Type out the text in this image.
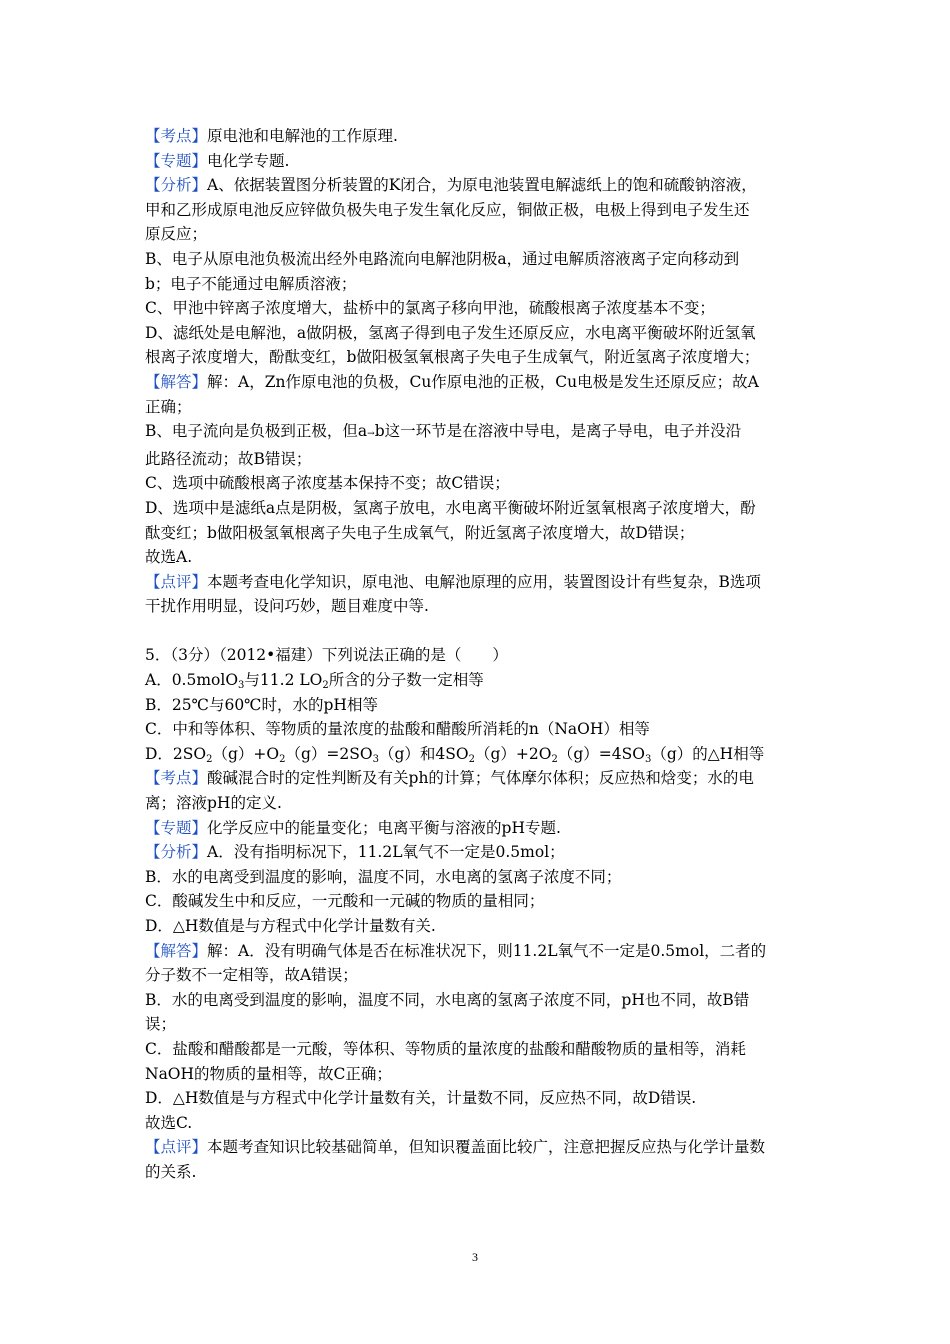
【考点】原电池和电解池的工作原理.

【专题】电化学专题.

【分析】A、依据装置图分析装置的K闭合，为原电池装置电解滤纸上的饱和硫酸钠溶液，

甲和乙形成原电池反应锌做负极失电子发生氧化反应，铜做正极，电极上得到电子发生还

原反应；

B、电子从原电池负极流出经外电路流向电解池阴极a，通过电解质溶液离子定向移动到

b；电子不能通过电解质溶液；

C、甲池中锌离子浓度增大，盐桥中的氯离子移向甲池，硫酸根离子浓度基本不变；

D、滤纸处是电解池，a做阴极，氢离子得到电子发生还原反应，水电离平衡破坏附近氢氧

根离子浓度增大，酚酞变红，b做阳极氢氧根离子失电子生成氧气，附近氢离子浓度增大；

【解答】解：A，Zn作原电池的负极，Cu作原电池的正极，Cu电极是发生还原反应；故A

正确；

B、电子流向是负极到正极，但a→b这一环节是在溶液中导电，是离子导电，电子并没沿

此路径流动；故B错误；

C、选项中硫酸根离子浓度基本保持不变；故C错误；

D、选项中是滤纸a点是阴极，氢离子放电，水电离平衡破坏附近氢氧根离子浓度增大，酚

酞变红；b做阳极氢氧根离子失电子生成氧气，附近氢离子浓度增大，故D错误；

故选A.

【点评】本题考查电化学知识，原电池、电解池原理的应用，装置图设计有些复杂，B选项

干扰作用明显，设问巧妙，题目难度中等.

5．（3分）（2012•福建）下列说法正确的是（　　）

A．0.5molO$_3$与11.2 $LO_2$所含的分子数一定相等

B．25℃与60℃时，水的pH相等

C．中和等体积、等物质的量浓度的盐酸和醋酸所消耗的n（NaOH）相等

D．$2SO_2(g)+O_2(g)=2SO_3(g)$和$4SO_2(g)+2O_2(g)=4SO_3(g)$的△H相等

【考点】酸碱混合时的定性判断及有关ph的计算；气体摩尔体积；反应热和焓变；水的电

离；溶液pH的定义.

【专题】化学反应中的能量变化；电离平衡与溶液的pH专题.

【分析】A．没有指明标况下，11.2L氧气不一定是0.5mol；

B．水的电离受到温度的影响，温度不同，水电离的氢离子浓度不同；

C．酸碱发生中和反应，一元酸和一元碱的物质的量相同；

D．△H数值是与方程式中化学计量数有关.

【解答】解：A．没有明确气体是否在标准状况下，则11.2L氧气不一定是0.5mol，二者的

分子数不一定相等，故A错误；

B．水的电离受到温度的影响，温度不同，水电离的氢离子浓度不同，pH也不同，故B错

误；

C．盐酸和醋酸都是一元酸，等体积、等物质的量浓度的盐酸和醋酸物质的量相等，消耗

NaOH的物质的量相等，故C正确；

D．△H数值是与方程式中化学计量数有关，计量数不同，反应热不同，故D错误.

故选C.

【点评】本题考查知识比较基础简单，但知识覆盖面比较广，注意把握反应热与化学计量数

的关系.

3
